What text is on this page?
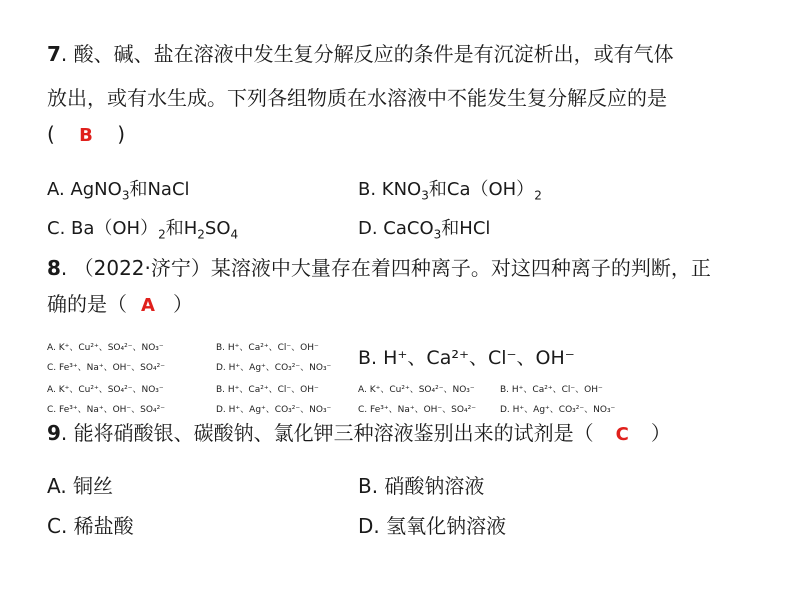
7. 酸、碱、盐在溶液中发生复分解反应的条件是有沉淀析出，或有气体
放出，或有水生成。下列各组物质在水溶液中不能发生复分解反应的是
( B )
A. AgNO$_3$和NaCl	B. $KNO_3$和$Ca(OH)_2$
C. $Ba(OH)_2$和$H_2SO_4$	D. CaCO$_3$和HCl
8. （2022·济宁）某溶液中大量存在着四种离子。对这四种离子的判断，正
确的是（ A ）
A. K⁺、Cu²⁺、SO₄²⁻、NO₃⁻	B. H⁺、Ca²⁺、Cl⁻、OH⁻
C. Fe³⁺、Na⁺、OH⁻、SO₄²⁻	D. H⁺、Ag⁺、CO₃²⁻、NO₃⁻
A. K⁺、Cu²⁺、SO₄²⁻、NO₃⁻	B. H⁺、Ca²⁺、Cl⁻、OH⁻
C. Fe³⁺、Na⁺、OH⁻、SO₄²⁻	D. H⁺、Ag⁺、CO₃²⁻、NO₃⁻
A. K⁺、Cu²⁺、SO₄²⁻、NO₃⁻	B. H⁺、Ca²⁺、Cl⁻、OH⁻
C. Fe³⁺、Na⁺、OH⁻、SO₄²⁻	D. H⁺、Ag⁺、CO₃²⁻、NO₃⁻
B. H⁺、Ca²⁺、Cl⁻、OH⁻
9. 能将硝酸银、碳酸钠、氯化钾三种溶液鉴别出来的试剂是（ C ）
A. 铜丝	B. 硝酸钠溶液
C. 稀盐酸	D. 氢氧化钠溶液
